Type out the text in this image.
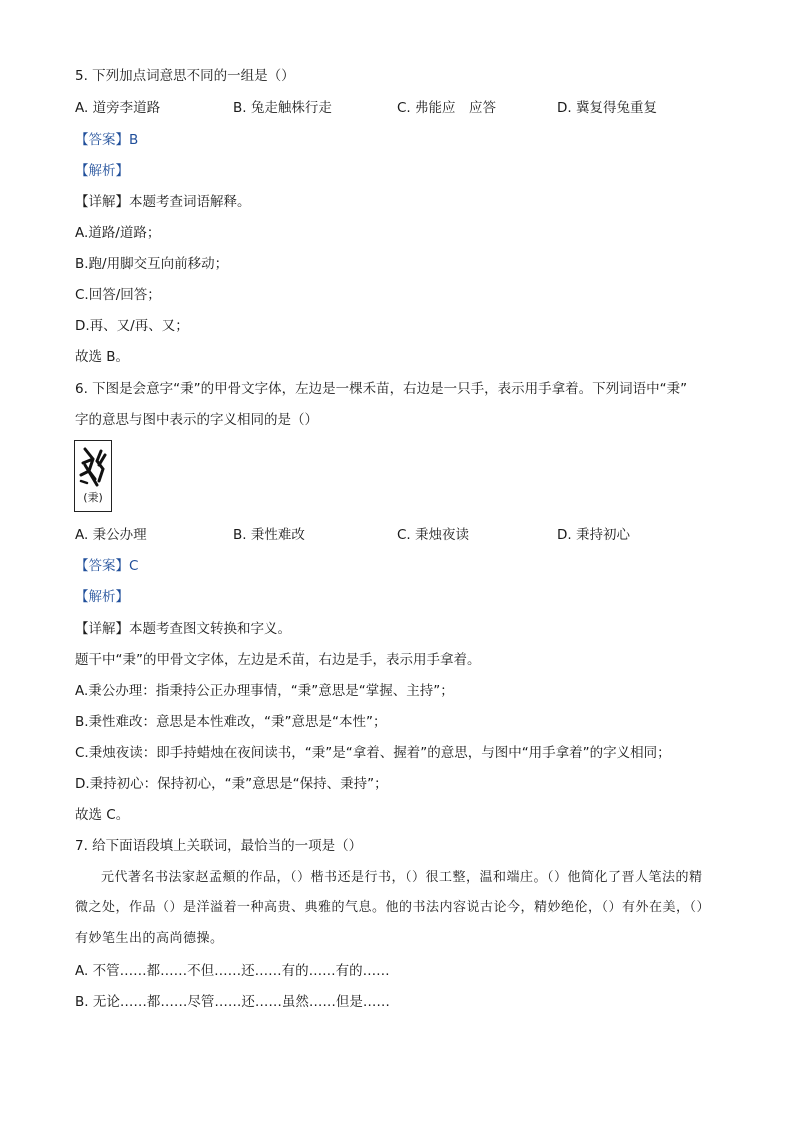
5. 下列加点词意思不同的一组是（）
A. 道旁李道路	B. 兔走触株行走	C. 弗能应　应答	D. 冀复得兔重复
【答案】B
【解析】
【详解】本题考查词语解释。
A.道路/道路；
B.跑/用脚交互向前移动；
C.回答/回答；
D.再、又/再、又；
故选 B。
6. 下图是会意字“秉”的甲骨文字体，左边是一棵禾苗，右边是一只手，表示用手拿着。下列词语中“秉”
字的意思与图中表示的字义相同的是（）
(秉)
A. 秉公办理	B. 秉性难改	C. 秉烛夜读	D. 秉持初心
【答案】C
【解析】
【详解】本题考查图文转换和字义。
题干中“秉”的甲骨文字体，左边是禾苗，右边是手，表示用手拿着。
A.秉公办理：指秉持公正办理事情，“秉”意思是“掌握、主持”；
B.秉性难改：意思是本性难改，“秉”意思是“本性”；
C.秉烛夜读：即手持蜡烛在夜间读书，“秉”是“拿着、握着”的意思，与图中“用手拿着”的字义相同；
D.秉持初心：保持初心，“秉”意思是“保持、秉持”；
故选 C。
7. 给下面语段填上关联词，最恰当的一项是（）
元代著名书法家赵孟頫的作品，（）楷书还是行书，（）很工整，温和端庄。（）他简化了晋人笔法的精
微之处，作品（）是洋溢着一种高贵、典雅的气息。他的书法内容说古论今，精妙绝伦，（）有外在美，（）
有妙笔生出的高尚德操。
A. 不管……都……不但……还……有的……有的……
B. 无论……都……尽管……还……虽然……但是……
